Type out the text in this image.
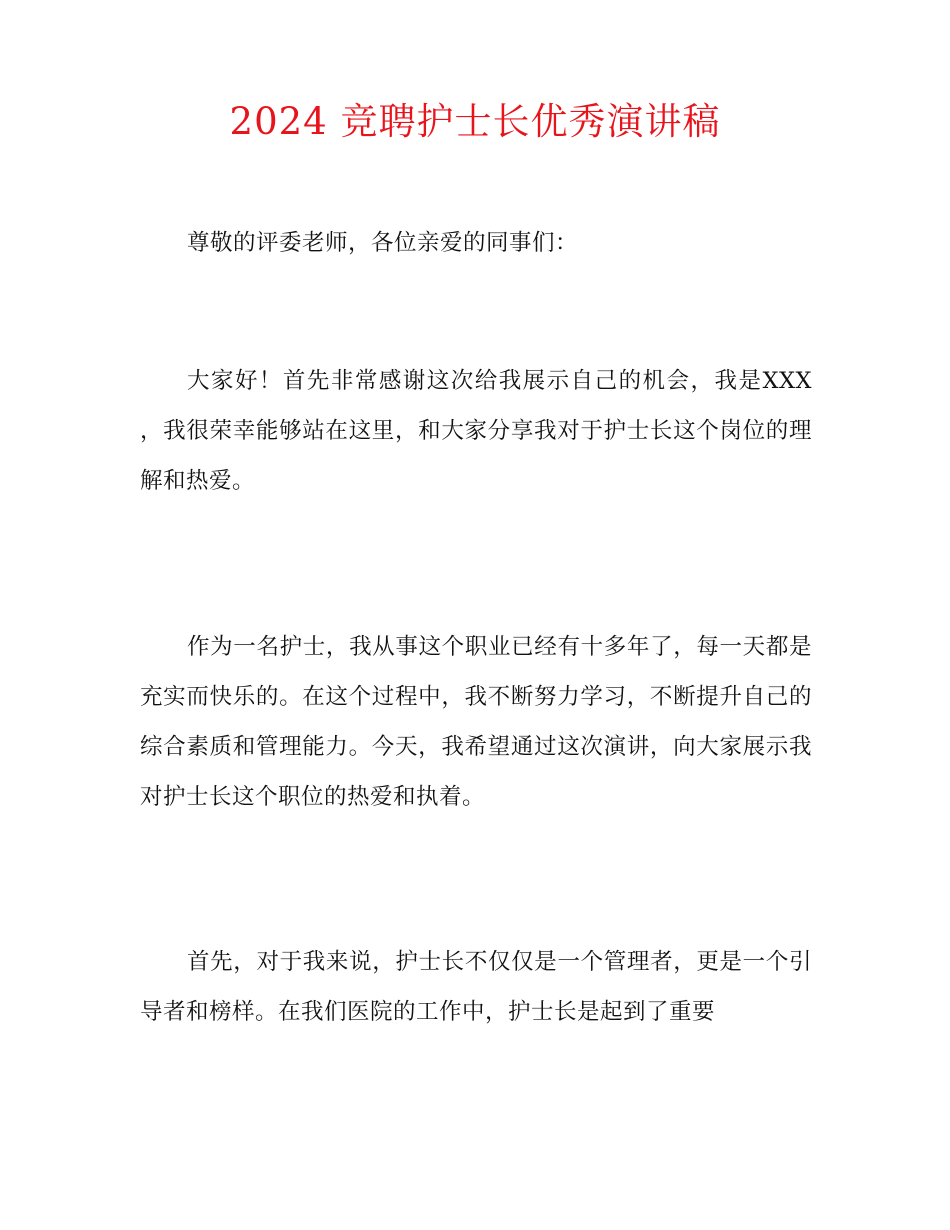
2024 竞聘护士长优秀演讲稿

尊敬的评委老师，各位亲爱的同事们：

大家好！首先非常感谢这次给我展示自己的机会，我是XXX ，我很荣幸能够站在这里，和大家分享我对于护士长这个岗位的理解和热爱。

作为一名护士，我从事这个职业已经有十多年了，每一天都是充实而快乐的。在这个过程中，我不断努力学习，不断提升自己的综合素质和管理能力。今天，我希望通过这次演讲，向大家展示我对护士长这个职位的热爱和执着。

首先，对于我来说，护士长不仅仅是一个管理者，更是一个引导者和榜样。在我们医院的工作中，护士长是起到了重要
